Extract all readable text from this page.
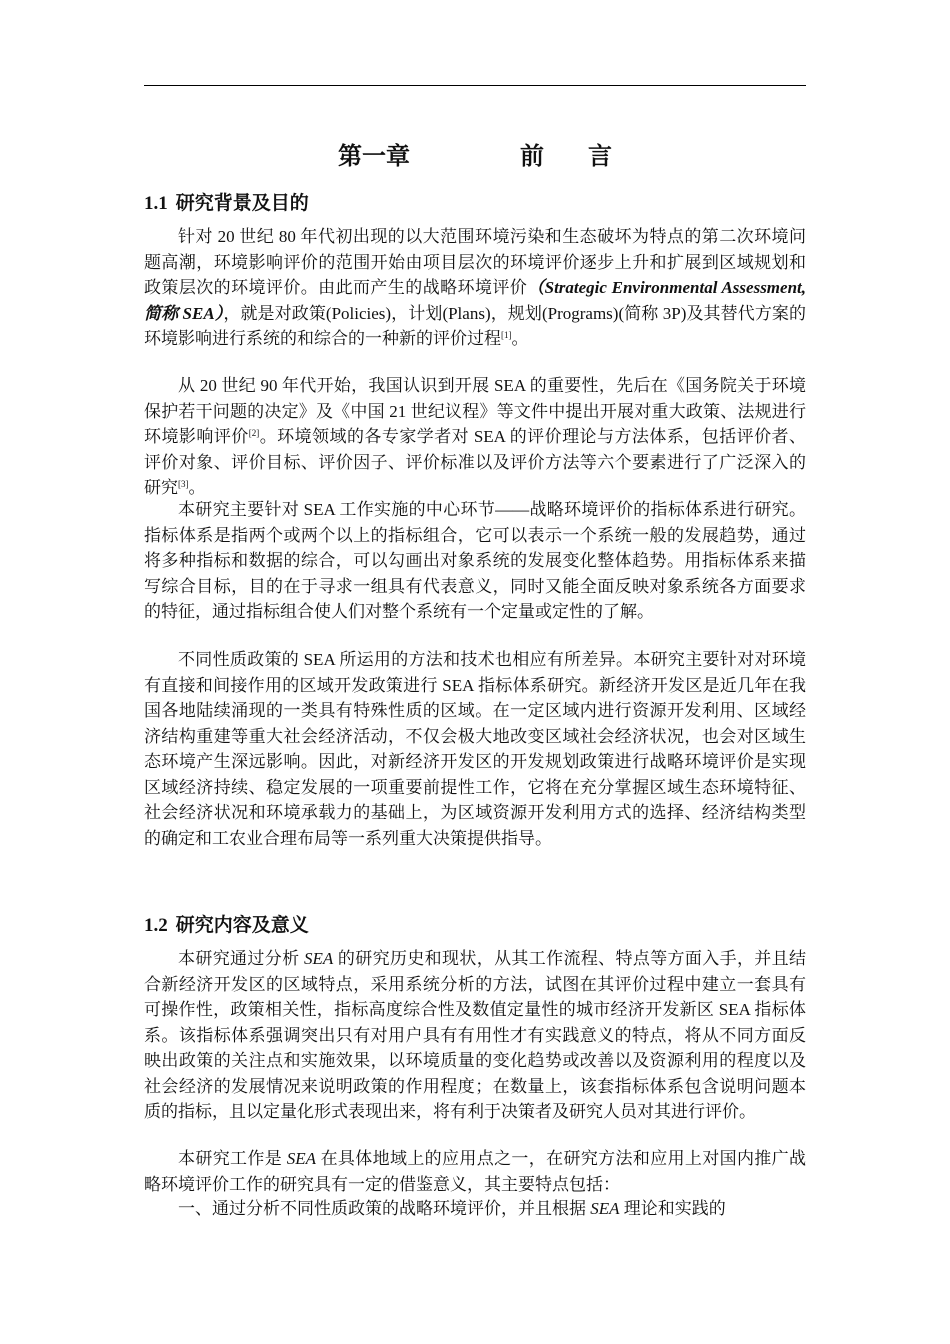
第一章	前 言
1.1 研究背景及目的
针对 20 世纪 80 年代初出现的以大范围环境污染和生态破坏为特点的第二次环境问题高潮，环境影响评价的范围开始由项目层次的环境评价逐步上升和扩展到区域规划和政策层次的环境评价。由此而产生的战略环境评价（Strategic Environmental Assessment, 简称 SEA），就是对政策(Policies)，计划(Plans)，规划(Programs)(简称 3P)及其替代方案的环境影响进行系统的和综合的一种新的评价过程[1]。
从 20 世纪 90 年代开始，我国认识到开展 SEA 的重要性，先后在《国务院关于环境保护若干问题的决定》及《中国 21 世纪议程》等文件中提出开展对重大政策、法规进行环境影响评价[2]。环境领域的各专家学者对 SEA 的评价理论与方法体系，包括评价者、评价对象、评价目标、评价因子、评价标准以及评价方法等六个要素进行了广泛深入的研究[3]。
本研究主要针对 SEA 工作实施的中心环节——战略环境评价的指标体系进行研究。指标体系是指两个或两个以上的指标组合，它可以表示一个系统一般的发展趋势，通过将多种指标和数据的综合，可以勾画出对象系统的发展变化整体趋势。用指标体系来描写综合目标，目的在于寻求一组具有代表意义，同时又能全面反映对象系统各方面要求的特征，通过指标组合使人们对整个系统有一个定量或定性的了解。
不同性质政策的 SEA 所运用的方法和技术也相应有所差异。本研究主要针对对环境有直接和间接作用的区域开发政策进行 SEA 指标体系研究。新经济开发区是近几年在我国各地陆续涌现的一类具有特殊性质的区域。在一定区域内进行资源开发利用、区域经济结构重建等重大社会经济活动，不仅会极大地改变区域社会经济状况，也会对区域生态环境产生深远影响。因此，对新经济开发区的开发规划政策进行战略环境评价是实现区域经济持续、稳定发展的一项重要前提性工作，它将在充分掌握区域生态环境特征、社会经济状况和环境承载力的基础上，为区域资源开发利用方式的选择、经济结构类型的确定和工农业合理布局等一系列重大决策提供指导。
1.2 研究内容及意义
本研究通过分析 SEA 的研究历史和现状，从其工作流程、特点等方面入手，并且结合新经济开发区的区域特点，采用系统分析的方法，试图在其评价过程中建立一套具有可操作性，政策相关性，指标高度综合性及数值定量性的城市经济开发新区 SEA 指标体系。该指标体系强调突出只有对用户具有有用性才有实践意义的特点，将从不同方面反映出政策的关注点和实施效果，以环境质量的变化趋势或改善以及资源利用的程度以及社会经济的发展情况来说明政策的作用程度；在数量上，该套指标体系包含说明问题本质的指标，且以定量化形式表现出来，将有利于决策者及研究人员对其进行评价。
本研究工作是 SEA 在具体地域上的应用点之一，在研究方法和应用上对国内推广战略环境评价工作的研究具有一定的借鉴意义，其主要特点包括：
一、通过分析不同性质政策的战略环境评价，并且根据 SEA 理论和实践的
